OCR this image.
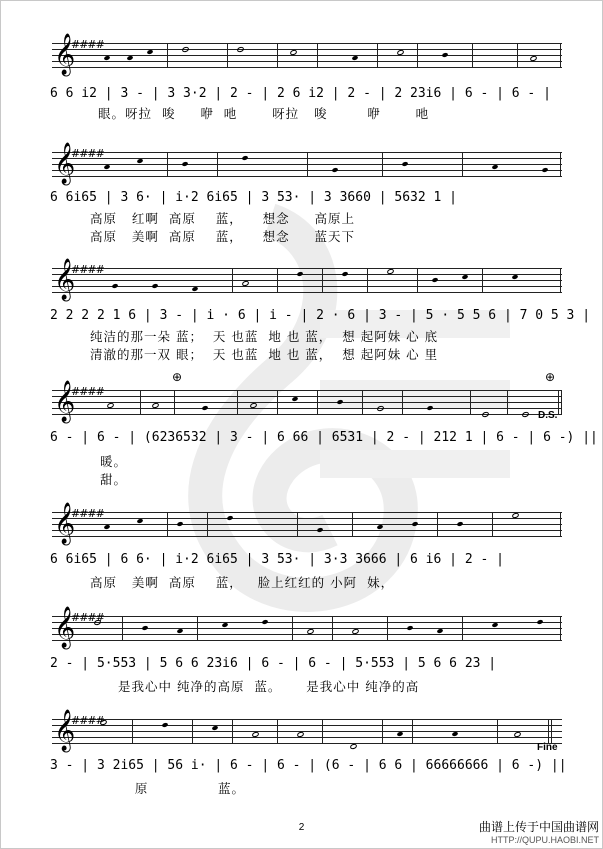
𝄞
####
6 6 i2 | 3 - | 3 3·2 | 2 - | 2 6 i2 | 2 - | 2 23i6 | 6 - | 6 - |
眼。呀拉  唆     咿  吔       呀拉   唆        咿       吔
𝄞
####
6 6i65 | 3 6· | i·2 6i65 | 3 53· | 3 3660 | 5632 1 |
高原   红啊  高原    蓝，    想念     高原上
高原   美啊  高原    蓝，    想念     蓝天下
𝄞
####
2 2 2 2 1 6 | 3 - | i · 6 | i - | 2 · 6 | 3 - | 5 · 5 5 6 | 7 0 5 3 |
纯洁的那一朵 蓝；  天 也蓝  地 也 蓝，  想 起阿妹 心 底
清澈的那一双 眼；  天 也蓝  地 也 蓝，  想 起阿妹 心 里
⊕	⊕
𝄞
####
D.S.
6 - | 6 - | (6236532 | 3 - | 6 66 | 6531 | 2 - | 212 1 | 6 - | 6 -) ||
暖。
甜。
𝄞
####
6 6i65 | 6 6· | i·2 6i65 | 3 53· | 3·3 3666 | 6 i6 | 2 - |
高原   美啊  高原    蓝，   脸上红红的 小阿  妹，
𝄞
####
2 - | 5·553 | 5 6 6 23i6 | 6 - | 6 - | 5·553 | 5 6 6 23 |
是我心中 纯净的高原  蓝。     是我心中 纯净的高
𝄞
####
Fine
3 - | 3 2i65 | 56 i· | 6 - | 6 - | (6 - | 6 6 | 66666666 | 6 -) ||
原              蓝。
2	曲谱上传于中国曲谱网
HTTP://QUPU.HAOBI.NET
